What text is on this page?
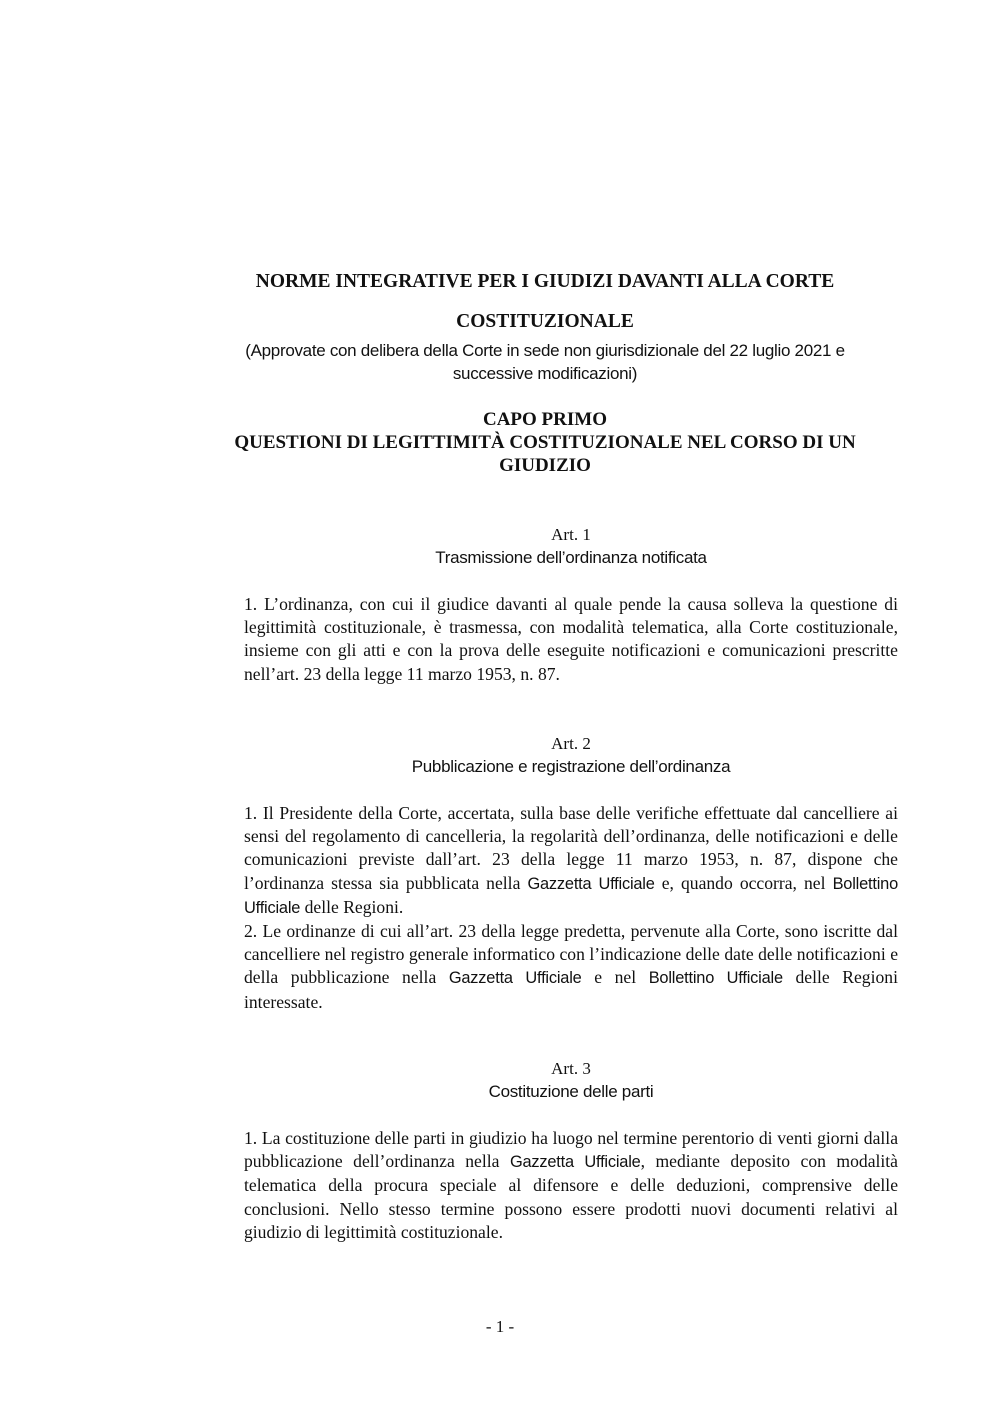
NORME INTEGRATIVE PER I GIUDIZI DAVANTI ALLA CORTE
COSTITUZIONALE
(Approvate con delibera della Corte in sede non giurisdizionale del 22 luglio 2021 e successive modificazioni)
CAPO PRIMO
QUESTIONI DI LEGITTIMITÀ COSTITUZIONALE NEL CORSO DI UN GIUDIZIO
Art. 1
Trasmissione dell’ordinanza notificata

1. L’ordinanza, con cui il giudice davanti al quale pende la causa solleva la questione di legittimità costituzionale, è trasmessa, con modalità telematica, alla Corte costituzionale, insieme con gli atti e con la prova delle eseguite notificazioni e comunicazioni prescritte nell’art. 23 della legge 11 marzo 1953, n. 87.

Art. 2
Pubblicazione e registrazione dell’ordinanza

1. Il Presidente della Corte, accertata, sulla base delle verifiche effettuate dal cancelliere ai sensi del regolamento di cancelleria, la regolarità dell’ordinanza, delle notificazioni e delle comunicazioni previste dall’art. 23 della legge 11 marzo 1953, n. 87, dispone che l’ordinanza stessa sia pubblicata nella Gazzetta Ufficiale e, quando occorra, nel Bollettino Ufficiale delle Regioni.

2. Le ordinanze di cui all’art. 23 della legge predetta, pervenute alla Corte, sono iscritte dal cancelliere nel registro generale informatico con l’indicazione delle date delle notificazioni e della pubblicazione nella Gazzetta Ufficiale e nel Bollettino Ufficiale delle Regioni interessate.

Art. 3
Costituzione delle parti

1. La costituzione delle parti in giudizio ha luogo nel termine perentorio di venti giorni dalla pubblicazione dell’ordinanza nella Gazzetta Ufficiale, mediante deposito con modalità telematica della procura speciale al difensore e delle deduzioni, comprensive delle conclusioni. Nello stesso termine possono essere prodotti nuovi documenti relativi al giudizio di legittimità costituzionale.

- 1 -
